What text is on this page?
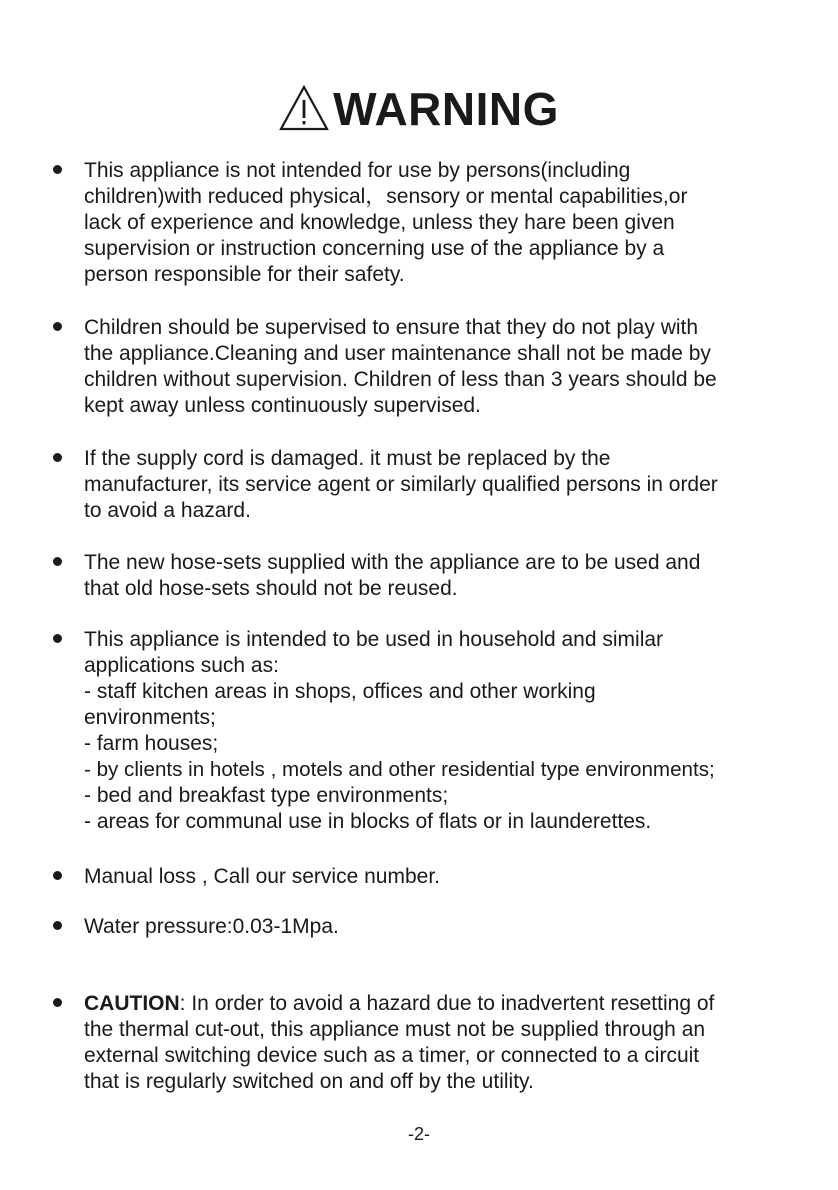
WARNING
This appliance is not intended for use by persons(including
children)with reduced physical，sensory or mental capabilities,or
lack of experience and knowledge, unless they hare been given
supervision or instruction concerning use of the appliance by a
person responsible for their safety.
Children should be supervised to ensure that they do not play with
the appliance.Cleaning and user maintenance shall not be made by
children without supervision. Children of less than 3 years should be
kept away unless continuously supervised.
If the supply cord is damaged. it must be replaced by the
manufacturer, its service agent or similarly qualified persons in order
to avoid a hazard.
The new hose-sets supplied with the appliance are to be used and
that old hose-sets should not be reused.
This appliance is intended to be used in household and similar
applications such as:
- staff kitchen areas in shops, offices and other working
environments;
- farm houses;
- by clients in hotels , motels and other residential type environments;
- bed and breakfast type environments;
- areas for communal use in blocks of flats or in launderettes.
Manual loss , Call our service number.
Water pressure:0.03-1Mpa.
CAUTION: In order to avoid a hazard due to inadvertent resetting of
the thermal cut-out, this appliance must not be supplied through an
external switching device such as a timer, or connected to a circuit
that is regularly switched on and off by the utility.
-2-
